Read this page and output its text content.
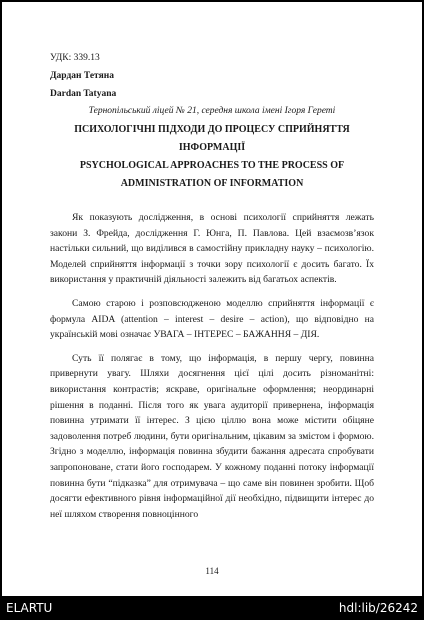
УДК: 339.13
Дардан Тетяна
Dardan Tatyana
Тернопільський ліцей № 21, середня школа імені Ігоря Гереті
ПСИХОЛОГІЧНІ ПІДХОДИ ДО ПРОЦЕСУ СПРИЙНЯТТЯ ІНФОРМАЦІЇ
PSYCHOLOGICAL APPROACHES TO THE PROCESS OF ADMINISTRATION OF INFORMATION

Як показують дослідження, в основі психології сприйняття лежать закони З. Фрейда, дослідження Г. Юнга, П. Павлова. Цей взаємозв’язок настільки сильний, що виділився в самостійну прикладну науку – психологію. Моделей сприйняття інформації з точки зору психології є досить багато. Їх використання у практичній діяльності залежить від багатьох аспектів.

Самою старою і розповсюдженою моделлю сприйняття інформації є формула AIDA (attention – interest – desire – action), що відповідно на українській мові означає УВАГА – ІНТЕРЕС – БАЖАННЯ – ДІЯ.

Суть її полягає в тому, що інформація, в першу чергу, повинна привернути увагу. Шляхи досягнення цієї цілі досить різноманітні: використання контрастів; яскраве, оригінальне оформлення; неординарні рішення в поданні. Після того як увага аудиторії привернена, інформація повинна утримати її інтерес. З цією ціллю вона може містити обіцяне задоволення потреб людини, бути оригінальним, цікавим за змістом і формою. Згідно з моделлю, інформація повинна збудити бажання адресата спробувати запропоноване, стати його господарем. У кожному поданні потоку інформації повинна бути “підказка” для отримувача – що саме він повинен зробити. Щоб досягти ефективного рівня інформаційної дії необхідно, підвищити інтерес до неї шляхом створення повноцінного

114
ELARTU	hdl:lib/26242
